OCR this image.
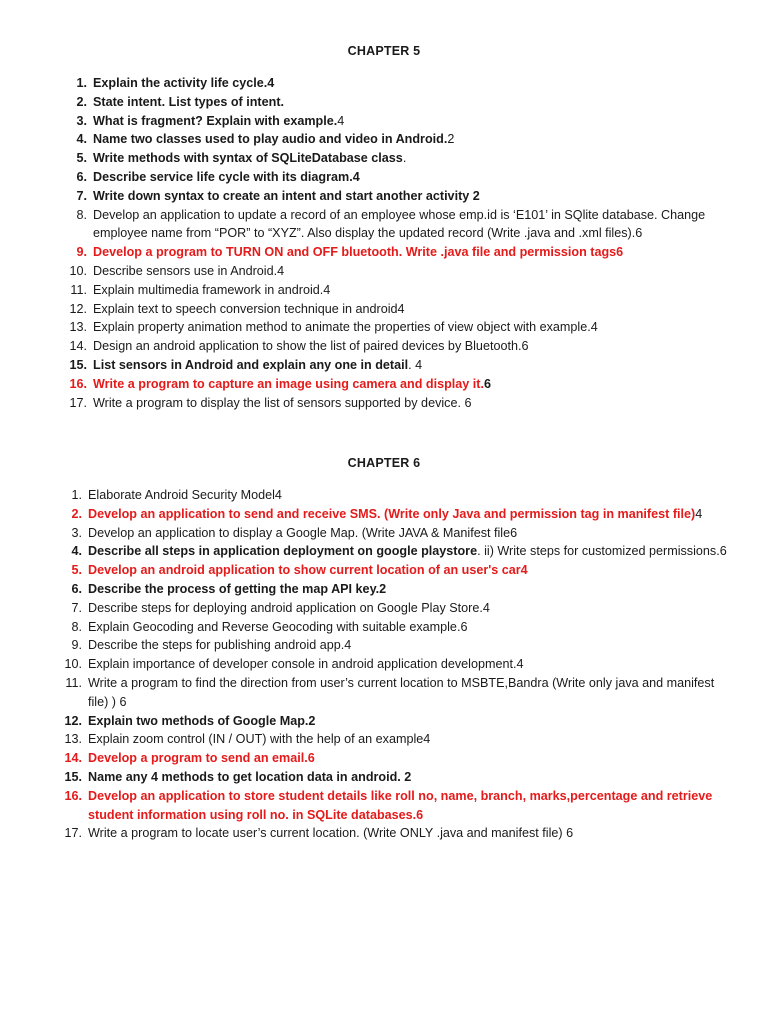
CHAPTER 5
1. Explain the activity life cycle.4
2. State intent. List types of intent.
3. What is fragment? Explain with example.4
4. Name two classes used to play audio and video in Android.2
5. Write methods with syntax of SQLiteDatabase class.
6. Describe service life cycle with its diagram.4
7. Write down syntax to create an intent and start another activity 2
8. Develop an application to update a record of an employee whose emp.id is ‘E101’ in SQlite database. Change employee name from “POR” to “XYZ”. Also display the updated record (Write .java and .xml files).6
9. Develop a program to TURN ON and OFF bluetooth. Write .java file and permission tags6
10. Describe sensors use in Android.4
11. Explain multimedia framework in android.4
12. Explain text to speech conversion technique in android4
13. Explain property animation method to animate the properties of view object with example.4
14. Design an android application to show the list of paired devices by Bluetooth.6
15. List sensors in Android and explain any one in detail. 4
16. Write a program to capture an image using camera and display it.6
17. Write a program to display the list of sensors supported by device. 6
CHAPTER 6
1. Elaborate Android Security Model4
2. Develop an application to send and receive SMS. (Write only Java and permission tag in manifest file)4
3. Develop an application to display a Google Map. (Write JAVA & Manifest file6
4. Describe all steps in application deployment on google playstore. ii) Write steps for customized permissions.6
5. Develop an android application to show current location of an user's car4
6. Describe the process of getting the map API key.2
7. Describe steps for deploying android application on Google Play Store.4
8. Explain Geocoding and Reverse Geocoding with suitable example.6
9. Describe the steps for publishing android app.4
10. Explain importance of developer console in android application development.4
11. Write a program to find the direction from user’s current location to MSBTE,Bandra (Write only java and manifest file) ) 6
12. Explain two methods of Google Map.2
13. Explain zoom control (IN / OUT) with the help of an example4
14. Develop a program to send an email.6
15. Name any 4 methods to get location data in android. 2
16. Develop an application to store student details like roll no, name, branch, marks,percentage and retrieve student information using roll no. in SQLite databases.6
17. Write a program to locate user’s current location. (Write ONLY .java and manifest file) 6
